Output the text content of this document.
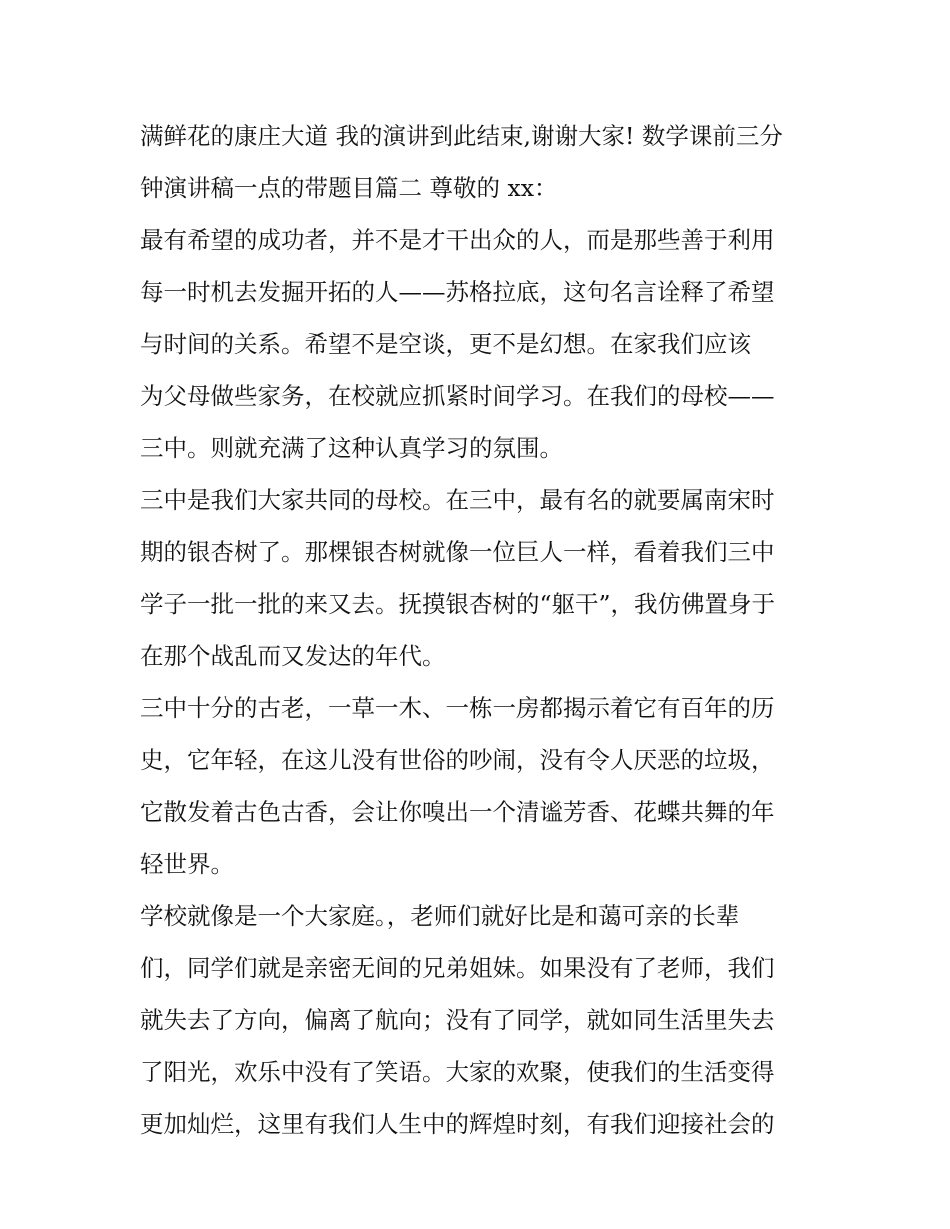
满鲜花的康庄大道 我的演讲到此结束,谢谢大家! 数学课前三分
钟演讲稿一点的带题目篇二 尊敬的 xx：
最有希望的成功者，并不是才干出众的人，而是那些善于利用
每一时机去发掘开拓的人——苏格拉底，这句名言诠释了希望
与时间的关系。希望不是空谈，更不是幻想。在家我们应该
为父母做些家务，在校就应抓紧时间学习。在我们的母校——
三中。则就充满了这种认真学习的氛围。
三中是我们大家共同的母校。在三中，最有名的就要属南宋时
期的银杏树了。那棵银杏树就像一位巨人一样，看着我们三中
学子一批一批的来又去。抚摸银杏树的“躯干”，我仿佛置身于
在那个战乱而又发达的年代。
三中十分的古老，一草一木、一栋一房都揭示着它有百年的历
史，它年轻，在这儿没有世俗的吵闹，没有令人厌恶的垃圾，
它散发着古色古香，会让你嗅出一个清谧芳香、花蝶共舞的年
轻世界。
学校就像是一个大家庭。，老师们就好比是和蔼可亲的长辈
们，同学们就是亲密无间的兄弟姐妹。如果没有了老师，我们
就失去了方向，偏离了航向；没有了同学，就如同生活里失去
了阳光，欢乐中没有了笑语。大家的欢聚，使我们的生活变得
更加灿烂，这里有我们人生中的辉煌时刻，有我们迎接社会的
